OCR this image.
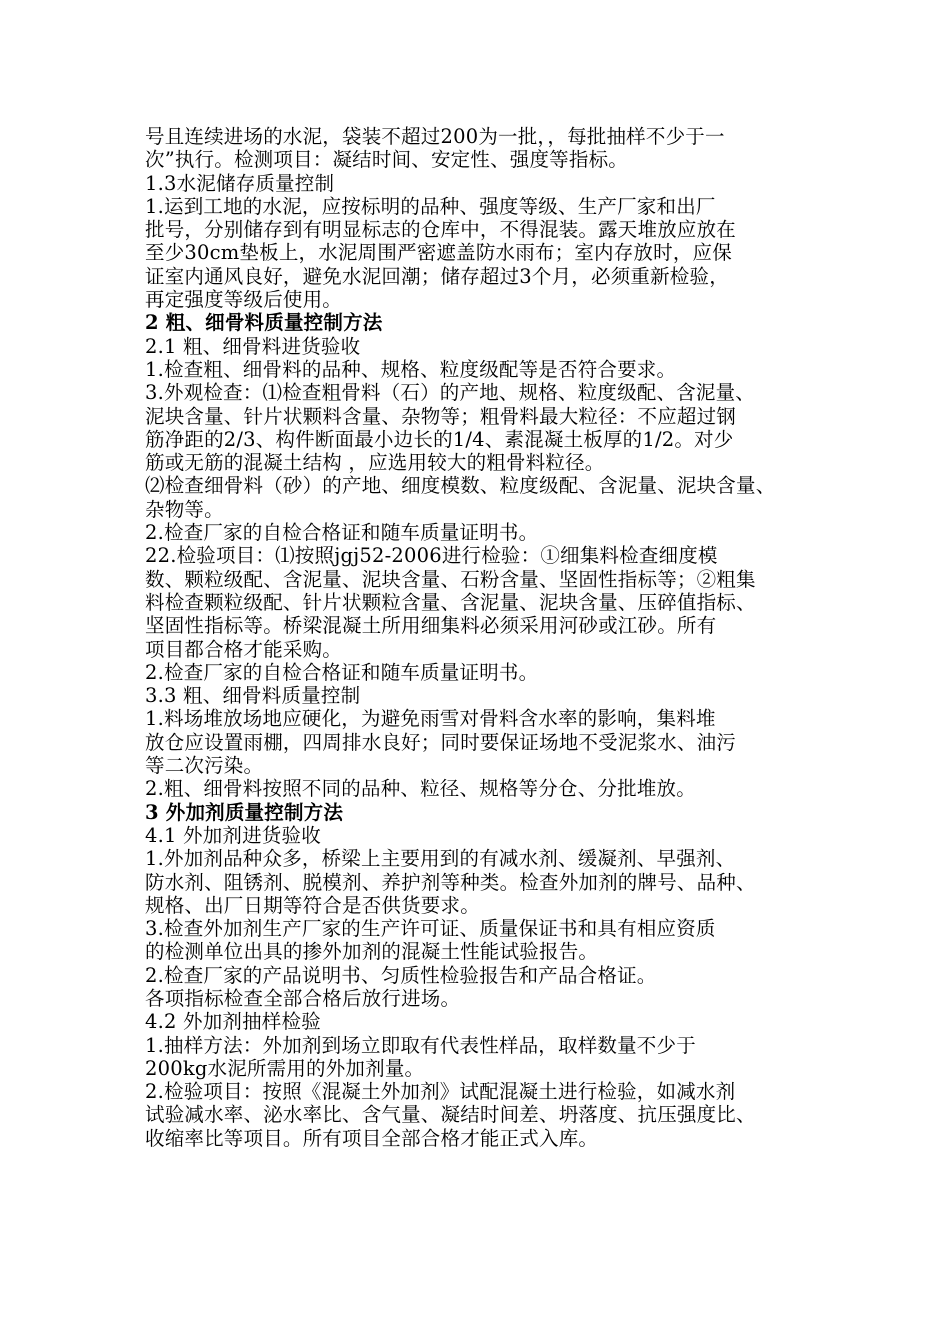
号且连续进场的水泥，袋装不超过200为一批，，每批抽样不少于一
次”执行。检测项目：凝结时间、安定性、强度等指标。
1.3水泥储存质量控制
1.运到工地的水泥，应按标明的品种、强度等级、生产厂家和出厂
批号，分别储存到有明显标志的仓库中，不得混装。露天堆放应放在
至少30cm垫板上，水泥周围严密遮盖防水雨布；室内存放时，应保
证室内通风良好，避免水泥回潮；储存超过3个月，必须重新检验，
再定强度等级后使用。
2 粗、细骨料质量控制方法
2.1 粗、细骨料进货验收
1.检查粗、细骨料的品种、规格、粒度级配等是否符合要求。
3.外观检查：⑴检查粗骨料（石）的产地、规格、粒度级配、含泥量、
泥块含量、针片状颗料含量、杂物等；粗骨料最大粒径：不应超过钢
筋净距的2/3、构件断面最小边长的1/4、素混凝土板厚的1/2。对少
筋或无筋的混凝土结构 ，应选用较大的粗骨料粒径。
⑵检查细骨料（砂）的产地、细度模数、粒度级配、含泥量、泥块含量、
杂物等。
2.检查厂家的自检合格证和随车质量证明书。
22.检验项目：⑴按照jgj52-2006进行检验：①细集料检查细度模
数、颗粒级配、含泥量、泥块含量、石粉含量、坚固性指标等；②粗集
料检查颗粒级配、针片状颗粒含量、含泥量、泥块含量、压碎值指标、
坚固性指标等。桥梁混凝土所用细集料必须采用河砂或江砂。所有
项目都合格才能采购。
2.检查厂家的自检合格证和随车质量证明书。
3.3 粗、细骨料质量控制
1.料场堆放场地应硬化，为避免雨雪对骨料含水率的影响，集料堆
放仓应设置雨棚，四周排水良好；同时要保证场地不受泥浆水、油污
等二次污染。
2.粗、细骨料按照不同的品种、粒径、规格等分仓、分批堆放。
3 外加剂质量控制方法
4.1 外加剂进货验收
1.外加剂品种众多，桥梁上主要用到的有减水剂、缓凝剂、早强剂、
防水剂、阻锈剂、脱模剂、养护剂等种类。检查外加剂的牌号、品种、
规格、出厂日期等符合是否供货要求。
3.检查外加剂生产厂家的生产许可证、质量保证书和具有相应资质
的检测单位出具的掺外加剂的混凝土性能试验报告。
2.检查厂家的产品说明书、匀质性检验报告和产品合格证。
各项指标检查全部合格后放行进场。
4.2 外加剂抽样检验
1.抽样方法：外加剂到场立即取有代表性样品，取样数量不少于
200kg水泥所需用的外加剂量。
2.检验项目：按照《混凝土外加剂》试配混凝土进行检验，如减水剂
试验减水率、泌水率比、含气量、凝结时间差、坍落度、抗压强度比、
收缩率比等项目。所有项目全部合格才能正式入库。
